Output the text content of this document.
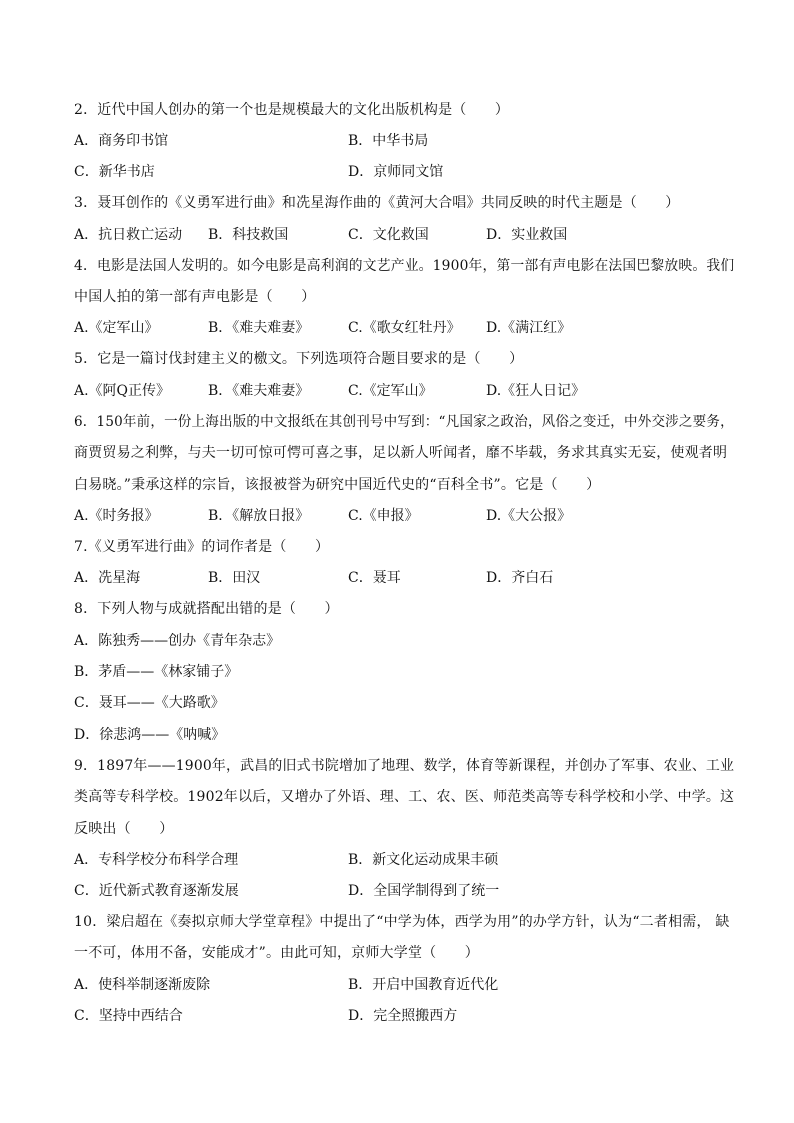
2．近代中国人创办的第一个也是规模最大的文化出版机构是（　　）
A．商务印书馆	B．中华书局
C．新华书店	D．京师同文馆
3．聂耳创作的《义勇军进行曲》和冼星海作曲的《黄河大合唱》共同反映的时代主题是（　　）
A．抗日救亡运动 B．科技救国	C．文化救国	D．实业救国
4．电影是法国人发明的。如今电影是高利润的文艺产业。1900年，第一部有声电影在法国巴黎放映。我们
中国人拍的第一部有声电影是（　　）
A.《定军山》	B．《难夫难妻》	C.《歌女红牡丹》 D.《满江红》
5．它是一篇讨伐封建主义的檄文。下列选项符合题目要求的是（　　）
A.《阿Q正传》	B．《难夫难妻》	C.《定军山》	D.《狂人日记》
6．150年前，一份上海出版的中文报纸在其创刊号中写到：“凡国家之政治，风俗之变迁，中外交涉之要务，
商贾贸易之利弊，与夫一切可惊可愕可喜之事，足以新人听闻者，靡不毕载，务求其真实无妄，使观者明
白易晓。”秉承这样的宗旨，该报被誉为研究中国近代史的“百科全书”。它是（　　）
A.《时务报》	B．《解放日报》	C.《申报》	D.《大公报》
7.《义勇军进行曲》的词作者是（　　）
A．冼星海	B．田汉	C．聂耳	D．齐白石
8．下列人物与成就搭配出错的是（　　）
A．陈独秀——创办《青年杂志》
B．茅盾——《林家铺子》
C．聂耳——《大路歌》
D．徐悲鸿——《呐喊》
9．1897年——1900年，武昌的旧式书院增加了地理、数学，体育等新课程，并创办了军事、农业、工业
类高等专科学校。1902年以后，又增办了外语、理、工、农、医、师范类高等专科学校和小学、中学。这
反映出（　　）
A．专科学校分布科学合理	B．新文化运动成果丰硕
C．近代新式教育逐渐发展	D．全国学制得到了统一
10．梁启超在《奏拟京师大学堂章程》中提出了“中学为体，西学为用”的办学方针，认为“二者相需， 缺
一不可，体用不备，安能成才”。由此可知，京师大学堂（　　）
A．使科举制逐渐废除	B．开启中国教育近代化
C．坚持中西结合	D．完全照搬西方
